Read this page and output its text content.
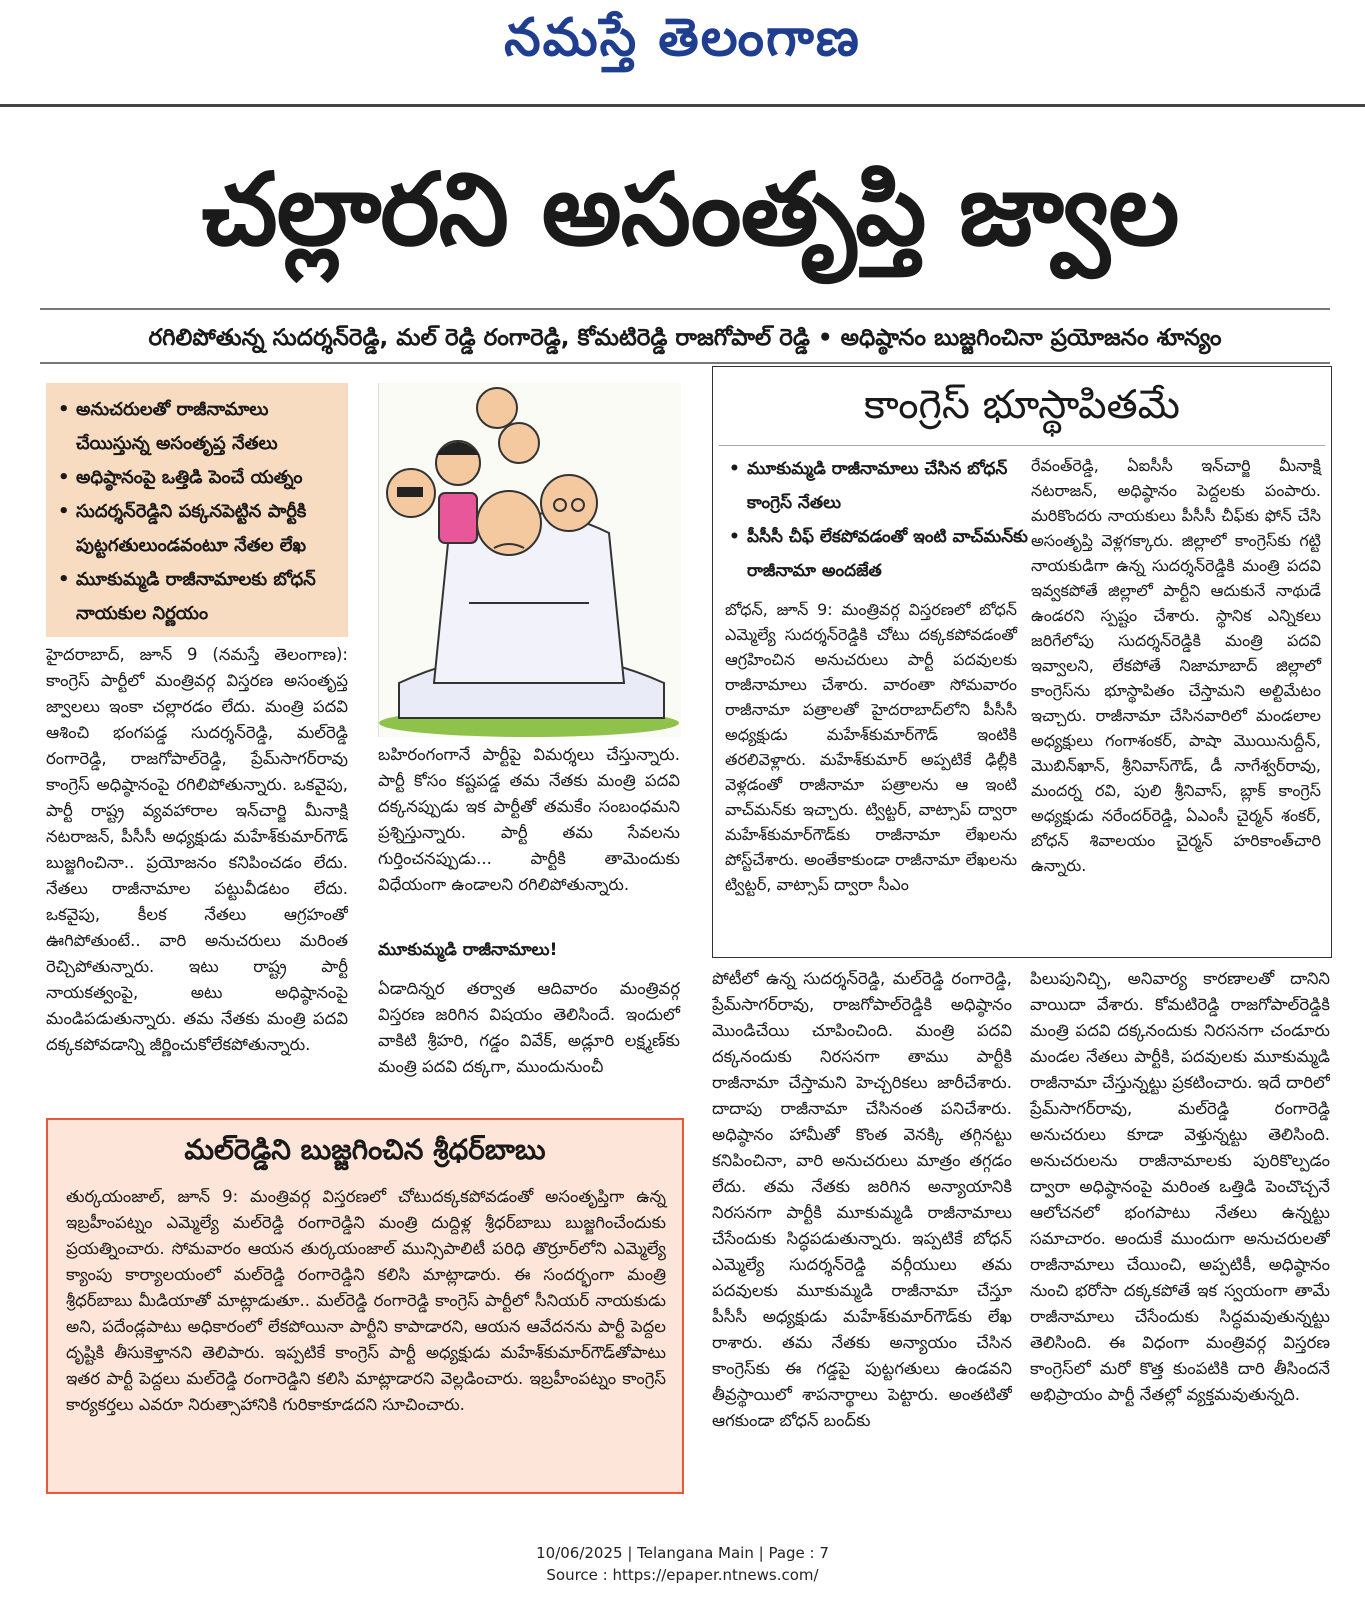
నమస్తే తెలంగాణ
చల్లారని అసంతృప్తి జ్వాల
రగిలిపోతున్న సుదర్శన్‌రెడ్డి, మల్ రెడ్డి రంగారెడ్డి, కోమటిరెడ్డి రాజగోపాల్ రెడ్డి • అధిష్ఠానం బుజ్జగించినా ప్రయోజనం శూన్యం
• అనుచరులతో రాజీనామాలు చేయిస్తున్న అసంతృప్త నేతలు
• అధిష్ఠానంపై ఒత్తిడి పెంచే యత్నం
• సుదర్శన్‌రెడ్డిని పక్కనపెట్టిన పార్టీకి పుట్టగతులుండవంటూ నేతల లేఖ
• మూకుమ్మడి రాజీనామాలకు బోధన్ నాయకుల నిర్ణయం

హైదరాబాద్, జూన్ 9 (నమస్తే తెలంగాణ): కాంగ్రెస్ పార్టీలో మంత్రివర్గ విస్తరణ అసంతృప్త జ్వాలలు ఇంకా చల్లారడం లేదు. మంత్రి పదవి ఆశించి భంగపడ్డ సుదర్శన్‌రెడ్డి, మల్‌రెడ్డి రంగారెడ్డి, రాజగోపాల్‌రెడ్డి, ప్రేమ్‌సాగర్‌రావు కాంగ్రెస్ అధిష్ఠానంపై రగిలిపోతున్నారు. ఒకవైపు, పార్టీ రాష్ట్ర వ్యవహారాల ఇన్‌చార్జి మీనాక్షి నటరాజన్, పీసీసీ అధ్యక్షుడు మహేశ్‌కుమార్‌గౌడ్ బుజ్జగించినా.. ప్రయోజనం కనిపించడం లేదు. నేతలు రాజీనామాల పట్టువీడటం లేదు. ఒకవైపు, కీలక నేతలు ఆగ్రహంతో ఊగిపోతుంటే.. వారి అనుచరులు మరింత రెచ్చిపోతున్నారు. ఇటు రాష్ట్ర పార్టీ నాయకత్వంపై, అటు అధిష్ఠానంపై మండిపడుతున్నారు. తమ నేతకు మంత్రి పదవి దక్కకపోవడాన్ని జీర్ణించుకోలేకపోతున్నారు.

బహిరంగంగానే పార్టీపై విమర్శలు చేస్తున్నారు. పార్టీ కోసం కష్టపడ్డ తమ నేతకు మంత్రి పదవి దక్కనప్పుడు ఇక పార్టీతో తమకేం సంబంధమని ప్రశ్నిస్తున్నారు. పార్టీ తమ సేవలను గుర్తించనప్పుడు... పార్టీకి తామెందుకు విధేయంగా ఉండాలని రగిలిపోతున్నారు.

మూకుమ్మడి రాజీనామాలు!

ఏడాదిన్నర తర్వాత ఆదివారం మంత్రివర్గ విస్తరణ జరిగిన విషయం తెలిసిందే. ఇందులో వాకిటి శ్రీహరి, గడ్డం వివేక్, అడ్లూరి లక్ష్మణ్‌కు మంత్రి పదవి దక్కగా, ముందునుంచీ

కాంగ్రెస్ భూస్థాపితమే
• మూకుమ్మడి రాజీనామాలు చేసిన బోధన్ కాంగ్రెస్ నేతలు
• పీసీసీ చీఫ్ లేకపోవడంతో ఇంటి వాచ్‌మన్‌కు రాజీనామా అందజేత

బోధన్, జూన్ 9: మంత్రివర్గ విస్తరణలో బోధన్ ఎమ్మెల్యే సుదర్శన్‌రెడ్డికి చోటు దక్కకపోవడంతో ఆగ్రహించిన అనుచరులు పార్టీ పదవులకు రాజీనామాలు చేశారు. వారంతా సోమవారం రాజీనామా పత్రాలతో హైదరాబాద్‌లోని పీసీసీ అధ్యక్షుడు మహేశ్‌కుమార్‌గౌడ్ ఇంటికి తరలివెళ్లారు. మహేశ్‌కుమార్ అప్పటికే ఢిల్లీకి వెళ్లడంతో రాజీనామా పత్రాలను ఆ ఇంటి వాచ్‌మన్‌కు ఇచ్చారు. ట్విట్టర్, వాట్సాప్ ద్వారా మహేశ్‌కుమార్‌గౌడ్‌కు రాజీనామా లేఖలను పోస్ట్‌చేశారు. అంతేకాకుండా రాజీనామా లేఖలను ట్విట్టర్, వాట్సాప్ ద్వారా సీఎం

రేవంత్‌రెడ్డి, ఏఐసీసీ ఇన్‌చార్జి మీనాక్షి నటరాజన్, అధిష్ఠానం పెద్దలకు పంపారు. మరికొందరు నాయకులు పీసీసీ చీఫ్‌కు ఫోన్ చేసి అసంతృప్తి వెళ్లగక్కారు. జిల్లాలో కాంగ్రెస్‌కు గట్టి నాయకుడిగా ఉన్న సుదర్శన్‌రెడ్డికి మంత్రి పదవి ఇవ్వకపోతే జిల్లాలో పార్టీని ఆదుకునే నాథుడే ఉండరని స్పష్టం చేశారు. స్థానిక ఎన్నికలు జరిగేలోపు సుదర్శన్‌రెడ్డికి మంత్రి పదవి ఇవ్వాలని, లేకపోతే నిజామాబాద్ జిల్లాలో కాంగ్రెస్‌ను భూస్థాపితం చేస్తామని అల్టిమేటం ఇచ్చారు. రాజీనామా చేసినవారిలో మండలాల అధ్యక్షులు గంగాశంకర్, పాషా మొయినుద్దీన్, మొబిన్‌ఖాన్, శ్రీనివాస్‌గౌడ్, డీ నాగేశ్వర్‌రావు, మందర్న రవి, పులి శ్రీనివాస్, బ్లాక్ కాంగ్రెస్ అధ్యక్షుడు నరేందర్‌రెడ్డి, ఏఎంసీ చైర్మన్ శంకర్, బోధన్ శివాలయం చైర్మన్ హరికాంత్‌చారి ఉన్నారు.

పోటీలో ఉన్న సుదర్శన్‌రెడ్డి, మల్‌రెడ్డి రంగారెడ్డి, ప్రేమ్‌సాగర్‌రావు, రాజగోపాల్‌రెడ్డికి అధిష్ఠానం మొండిచేయి చూపించింది. మంత్రి పదవి దక్కనందుకు నిరసనగా తాము పార్టీకి రాజీనామా చేస్తామని హెచ్చరికలు జారీచేశారు. దాదాపు రాజీనామా చేసినంత పనిచేశారు. అధిష్ఠానం హామీతో కొంత వెనక్కి తగ్గినట్టు కనిపించినా, వారి అనుచరులు మాత్రం తగ్గడం లేదు. తమ నేతకు జరిగిన అన్యాయానికి నిరసనగా పార్టీకి మూకుమ్మడి రాజీనామాలు చేసేందుకు సిద్ధపడుతున్నారు. ఇప్పటికే బోధన్ ఎమ్మెల్యే సుదర్శన్‌రెడ్డి వర్గీయులు తమ పదవులకు మూకుమ్మడి రాజీనామా చేస్తూ పీసీసీ అధ్యక్షుడు మహేశ్‌కుమార్‌గౌడ్‌కు లేఖ రాశారు. తమ నేతకు అన్యాయం చేసిన కాంగ్రెస్‌కు ఈ గడ్డపై పుట్టగతులు ఉండవని తీవ్రస్థాయిలో శాపనార్థాలు పెట్టారు. అంతటితో ఆగకుండా బోధన్ బంద్‌కు

పిలుపునిచ్చి, అనివార్య కారణాలతో దానిని వాయిదా వేశారు. కోమటిరెడ్డి రాజగోపాల్‌రెడ్డికి మంత్రి పదవి దక్కనందుకు నిరసనగా చండూరు మండల నేతలు పార్టీకి, పదవులకు మూకుమ్మడి రాజీనామా చేస్తున్నట్టు ప్రకటించారు. ఇదే దారిలో ప్రేమ్‌సాగర్‌రావు, మల్‌రెడ్డి రంగారెడ్డి అనుచరులు కూడా వెళ్తున్నట్టు తెలిసింది. అనుచరులను రాజీనామాలకు పురికొల్పడం ద్వారా అధిష్ఠానంపై మరింత ఒత్తిడి పెంచొచ్చనే ఆలోచనలో భంగపాటు నేతలు ఉన్నట్టు సమాచారం. అందుకే ముందుగా అనుచరులతో రాజీనామాలు చేయించి, అప్పటికీ, అధిష్ఠానం నుంచి భరోసా దక్కకపోతే ఇక స్వయంగా తామే రాజీనామాలు చేసేందుకు సిద్ధమవుతున్నట్టు తెలిసింది. ఈ విధంగా మంత్రివర్గ విస్తరణ కాంగ్రెస్‌లో మరో కొత్త కుంపటికి దారి తీసిందనే అభిప్రాయం పార్టీ నేతల్లో వ్యక్తమవుతున్నది.

మల్‌రెడ్డిని బుజ్జగించిన శ్రీధర్‌బాబు
తుర్కయంజాల్, జూన్ 9: మంత్రివర్గ విస్తరణలో చోటుదక్కకపోవడంతో అసంతృప్తిగా ఉన్న ఇబ్రహీంపట్నం ఎమ్మెల్యే మల్‌రెడ్డి రంగారెడ్డిని మంత్రి దుద్దిళ్ల శ్రీధర్‌బాబు బుజ్జగించేందుకు ప్రయత్నించారు. సోమవారం ఆయన తుర్కయంజాల్ మున్సిపాలిటీ పరిధి తొర్రూర్‌లోని ఎమ్మెల్యే క్యాంపు కార్యాలయంలో మల్‌రెడ్డి రంగారెడ్డిని కలిసి మాట్లాడారు. ఈ సందర్భంగా మంత్రి శ్రీధర్‌బాబు మీడియాతో మాట్లాడుతూ.. మల్‌రెడ్డి రంగారెడ్డి కాంగ్రెస్ పార్టీలో సీనియర్ నాయకుడు అని, పదేండ్లపాటు అధికారంలో లేకపోయినా పార్టీని కాపాడారని, ఆయన ఆవేదనను పార్టీ పెద్దల దృష్టికి తీసుకెళ్తానని తెలిపారు. ఇప్పటికే కాంగ్రెస్ పార్టీ అధ్యక్షుడు మహేశ్‌కుమార్‌గౌడ్‌తోపాటు ఇతర పార్టీ పెద్దలు మల్‌రెడ్డి రంగారెడ్డిని కలిసి మాట్లాడారని వెల్లడించారు. ఇబ్రహీంపట్నం కాంగ్రెస్ కార్యకర్తలు ఎవరూ నిరుత్సాహానికి గురికాకూడదని సూచించారు.
10/06/2025 | Telangana Main | Page : 7
Source : https://epaper.ntnews.com/
